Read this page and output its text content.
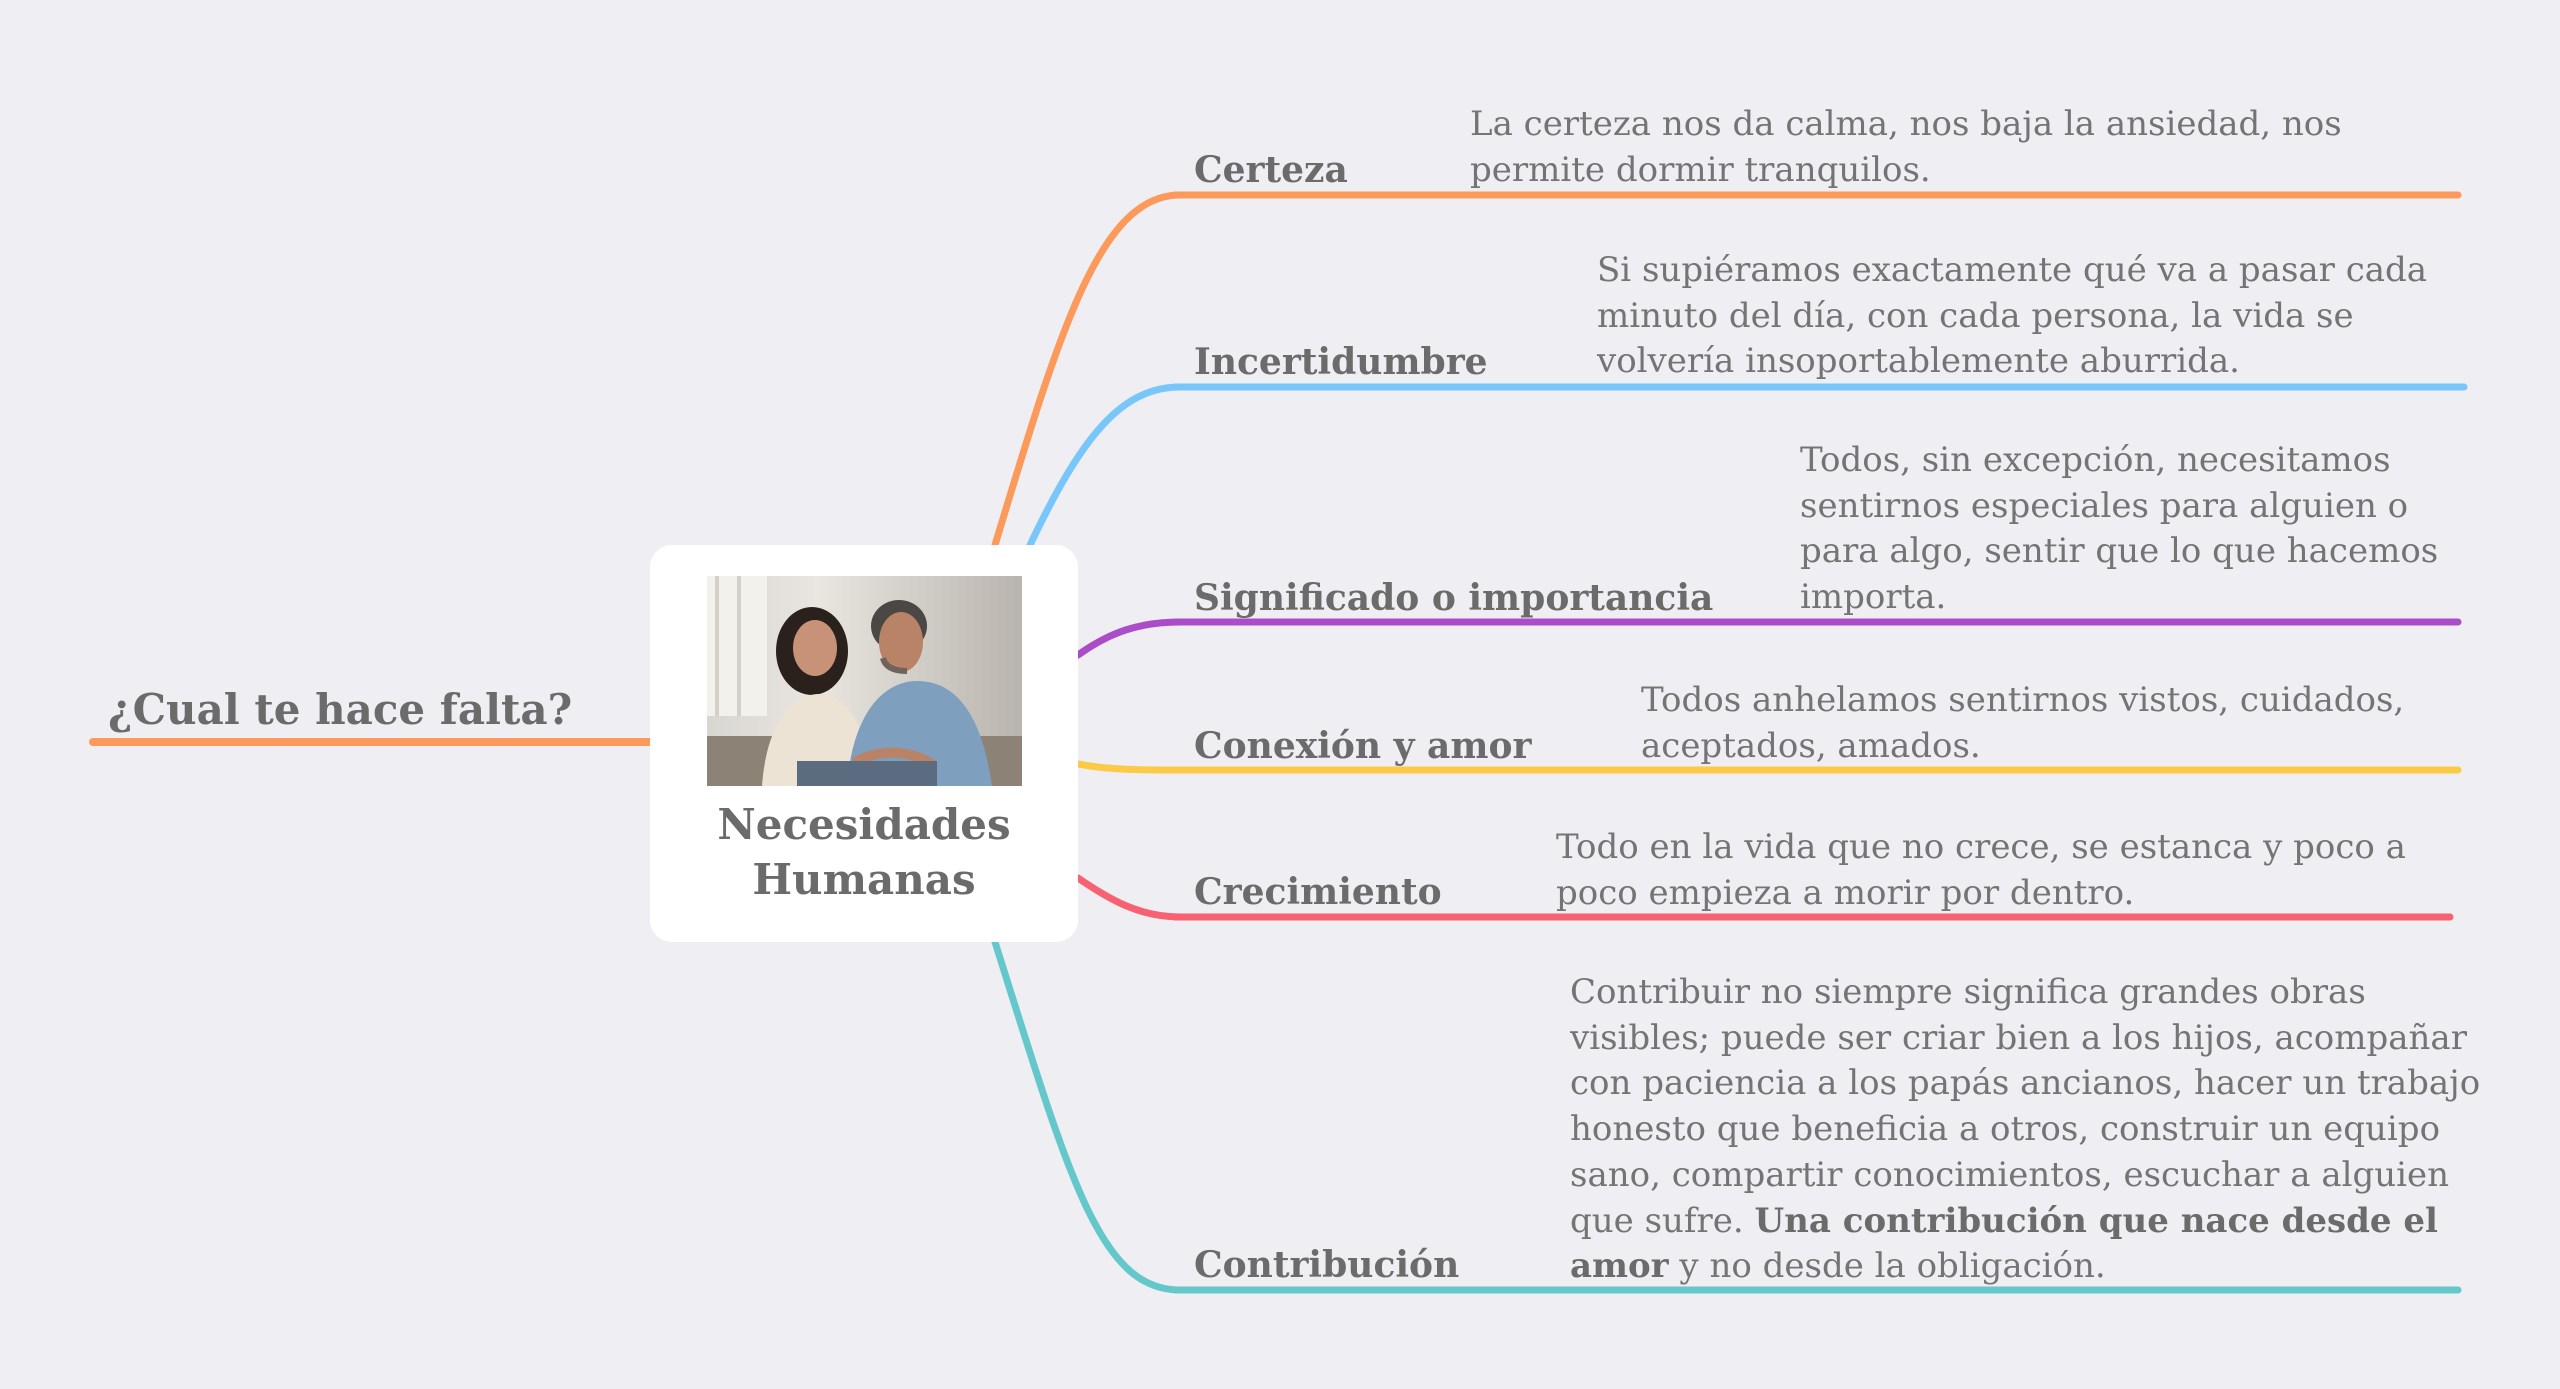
¿Cual te hace falta?
Necesidades
Humanas
Certeza
La certeza nos da calma, nos baja la ansiedad, nos
permite dormir tranquilos.
Incertidumbre
Si supiéramos exactamente qué va a pasar cada
minuto del día, con cada persona, la vida se
volvería insoportablemente aburrida.
Significado o importancia
Todos, sin excepción, necesitamos
sentirnos especiales para alguien o
para algo, sentir que lo que hacemos
importa.
Conexión y amor
Todos anhelamos sentirnos vistos, cuidados,
aceptados, amados.
Crecimiento
Todo en la vida que no crece, se estanca y poco a
poco empieza a morir por dentro.
Contribución
Contribuir no siempre significa grandes obras
visibles; puede ser criar bien a los hijos, acompañar
con paciencia a los papás ancianos, hacer un trabajo
honesto que beneficia a otros, construir un equipo
sano, compartir conocimientos, escuchar a alguien
que sufre. Una contribución que nace desde el
amor y no desde la obligación.
